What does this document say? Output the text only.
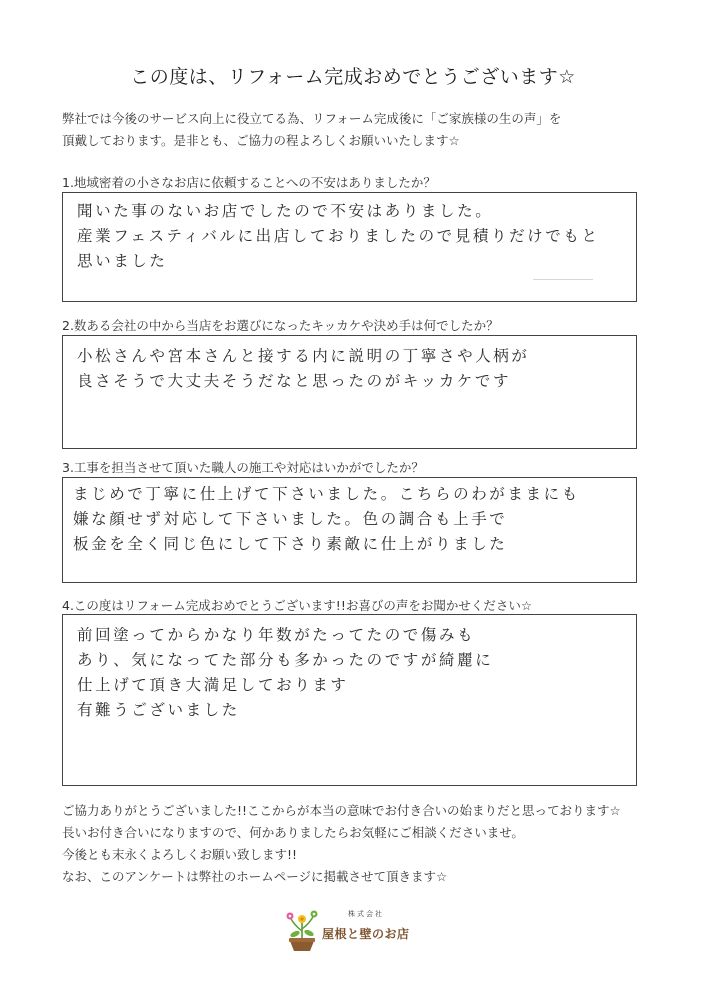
この度は、リフォーム完成おめでとうございます☆
弊社では今後のサービス向上に役立てる為、リフォーム完成後に「ご家族様の生の声」を
頂戴しております。是非とも、ご協力の程よろしくお願いいたします☆
1.地域密着の小さなお店に依頼することへの不安はありましたか？
聞いた事のないお店でしたので不安はありました。
産業フェスティバルに出店しておりましたので見積りだけでもと
思いました
2.数ある会社の中から当店をお選びになったキッカケや決め手は何でしたか？
小松さんや宮本さんと接する内に説明の丁寧さや人柄が
良さそうで大丈夫そうだなと思ったのがキッカケです
3.工事を担当させて頂いた職人の施工や対応はいかがでしたか？
まじめで丁寧に仕上げて下さいました。こちらのわがままにも
嫌な顔せず対応して下さいました。色の調合も上手で
板金を全く同じ色にして下さり素敵に仕上がりました
4.この度はリフォーム完成おめでとうございます!!お喜びの声をお聞かせください☆
前回塗ってからかなり年数がたってたので傷みも
あり、気になってた部分も多かったのですが綺麗に
仕上げて頂き大満足しております
有難うございました
ご協力ありがとうございました!!ここからが本当の意味でお付き合いの始まりだと思っております☆
長いお付き合いになりますので、何かありましたらお気軽にご相談くださいませ。
今後とも末永くよろしくお願い致します!!
なお、このアンケートは弊社のホームページに掲載させて頂きます☆
株式会社
屋根と壁のお店
